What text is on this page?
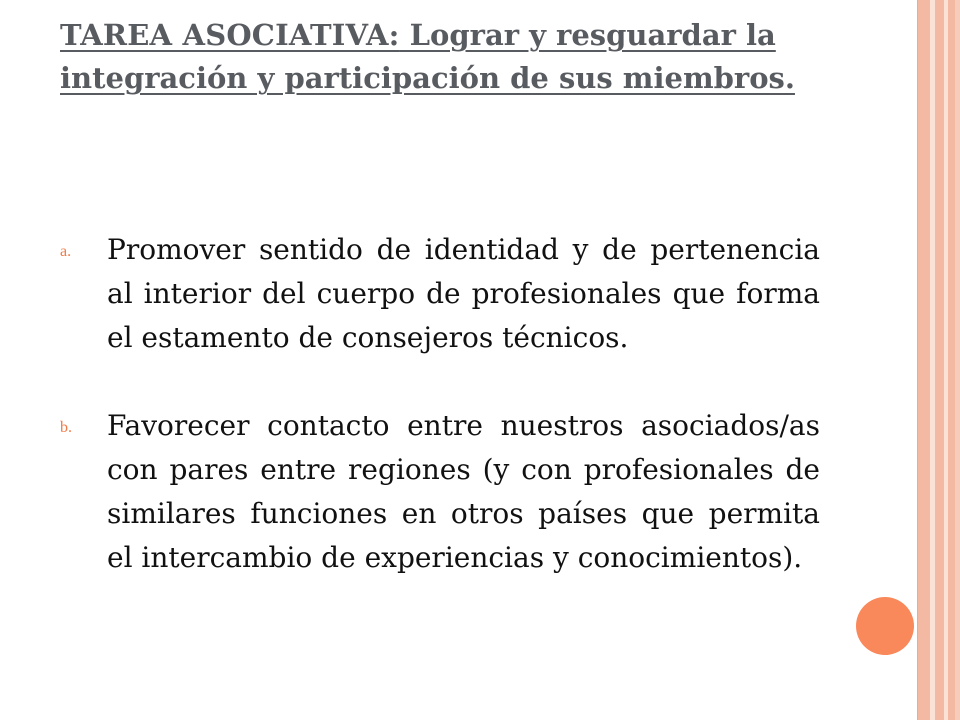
TAREA ASOCIATIVA: Lograr y resguardar la integración y participación de sus miembros.
a. Promover sentido de identidad y de pertenencia al interior del cuerpo de profesionales que forma el estamento de consejeros técnicos.
b. Favorecer contacto entre nuestros asociados/as con pares entre regiones (y con profesionales de similares funciones en otros países que permita el intercambio de experiencias y conocimientos).
